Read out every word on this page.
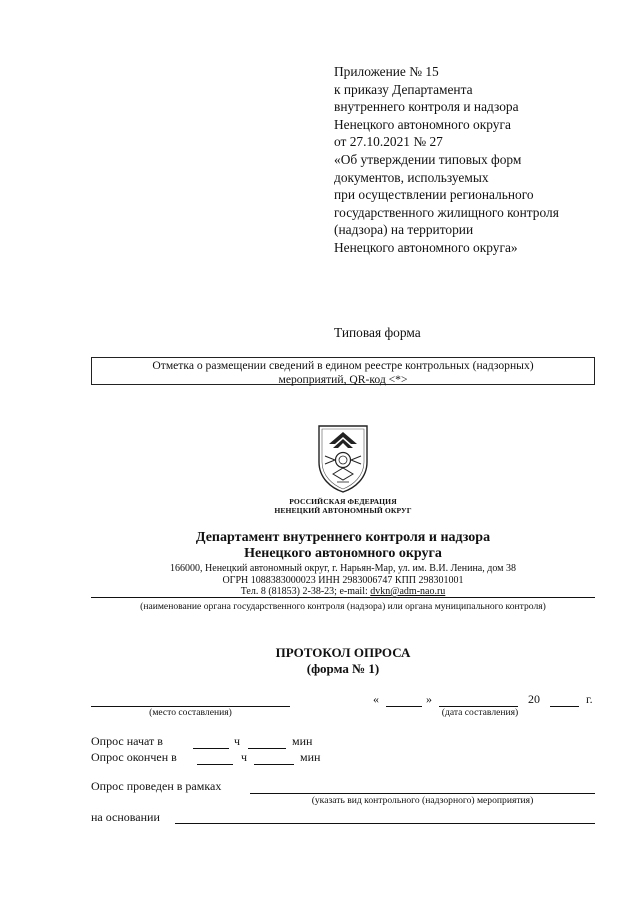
Приложение № 15
к приказу Департамента
внутреннего контроля и надзора
Ненецкого автономного округа
от 27.10.2021 № 27
«Об утверждении типовых форм
документов, используемых
при осуществлении регионального
государственного жилищного контроля
(надзора) на территории
Ненецкого автономного округа»
Типовая форма
Отметка о размещении сведений в едином реестре контрольных (надзорных)
мероприятий, QR-код <*>
РОССИЙСКАЯ ФЕДЕРАЦИЯ
НЕНЕЦКИЙ АВТОНОМНЫЙ ОКРУГ
Департамент внутреннего контроля и надзора
Ненецкого автономного округа
166000, Ненецкий автономный округ, г. Нарьян-Мар, ул. им. В.И. Ленина, дом 38
ОГРН 1088383000023 ИНН 2983006747 КПП 298301001
Тел. 8 (81853) 2-38-23; e-mail: dvkn@adm-nao.ru
(наименование органа государственного контроля (надзора) или органа муниципального контроля)
ПРОТОКОЛ ОПРОСА
(форма № 1)
(место составления)
«	»	20	г.
(дата составления)
Опрос начат в	ч	мин
Опрос окончен в	ч	мин
Опрос проведен в рамках
(указать вид контрольного (надзорного) мероприятия)
на основании
